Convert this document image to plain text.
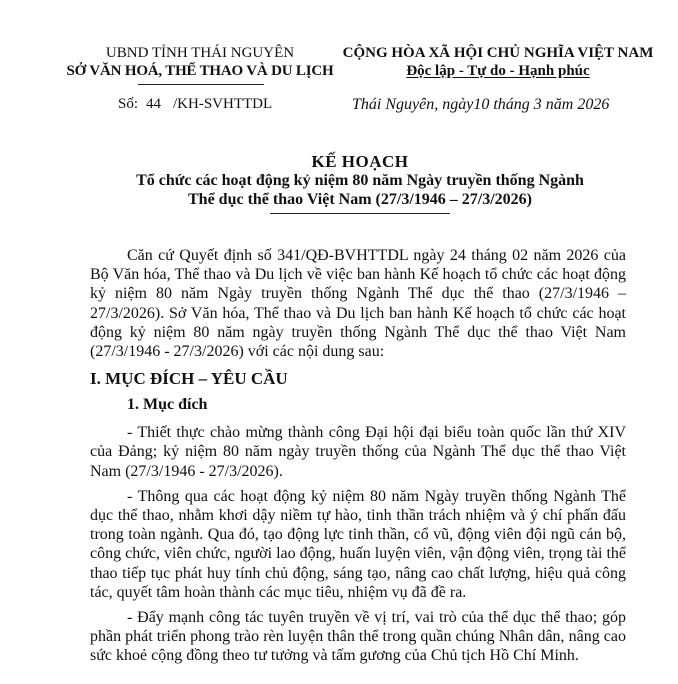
UBND TỈNH THÁI NGUYÊN
SỞ VĂN HOÁ, THỂ THAO VÀ DU LỊCH
CỘNG HÒA XÃ HỘI CHỦ NGHĨA VIỆT NAM
Độc lập - Tự do - Hạnh phúc
Số: 44 /KH-SVHTTDL	Thái Nguyên, ngày10 tháng 3 năm 2026
KẾ HOẠCH
Tổ chức các hoạt động kỷ niệm 80 năm Ngày truyền thống Ngành
Thể dục thể thao Việt Nam (27/3/1946 – 27/3/2026)

Căn cứ Quyết định số 341/QĐ-BVHTTDL ngày 24 tháng 02 năm 2026 của Bộ Văn hóa, Thể thao và Du lịch về việc ban hành Kế hoạch tổ chức các hoạt động kỷ niệm 80 năm Ngày truyền thống Ngành Thể dục thể thao (27/3/1946 – 27/3/2026). Sở Văn hóa, Thể thao và Du lịch ban hành Kế hoạch tổ chức các hoạt động kỷ niệm 80 năm ngày truyền thống Ngành Thể dục thể thao Việt Nam (27/3/1946 - 27/3/2026) với các nội dung sau:

I. MỤC ĐÍCH – YÊU CẦU

1. Mục đích

- Thiết thực chào mừng thành công Đại hội đại biểu toàn quốc lần thứ XIV của Đảng; kỷ niệm 80 năm ngày truyền thống của Ngành Thể dục thể thao Việt Nam (27/3/1946 - 27/3/2026).

- Thông qua các hoạt động kỷ niệm 80 năm Ngày truyền thống Ngành Thể dục thể thao, nhằm khơi dậy niềm tự hào, tinh thần trách nhiệm và ý chí phấn đấu trong toàn ngành. Qua đó, tạo động lực tinh thần, cổ vũ, động viên đội ngũ cán bộ, công chức, viên chức, người lao động, huấn luyện viên, vận động viên, trọng tài thể thao tiếp tục phát huy tính chủ động, sáng tạo, nâng cao chất lượng, hiệu quả công tác, quyết tâm hoàn thành các mục tiêu, nhiệm vụ đã đề ra.

- Đẩy mạnh công tác tuyên truyền về vị trí, vai trò của thể dục thể thao; góp phần phát triển phong trào rèn luyện thân thể trong quần chúng Nhân dân, nâng cao sức khoẻ cộng đồng theo tư tưởng và tấm gương của Chủ tịch Hồ Chí Minh.
